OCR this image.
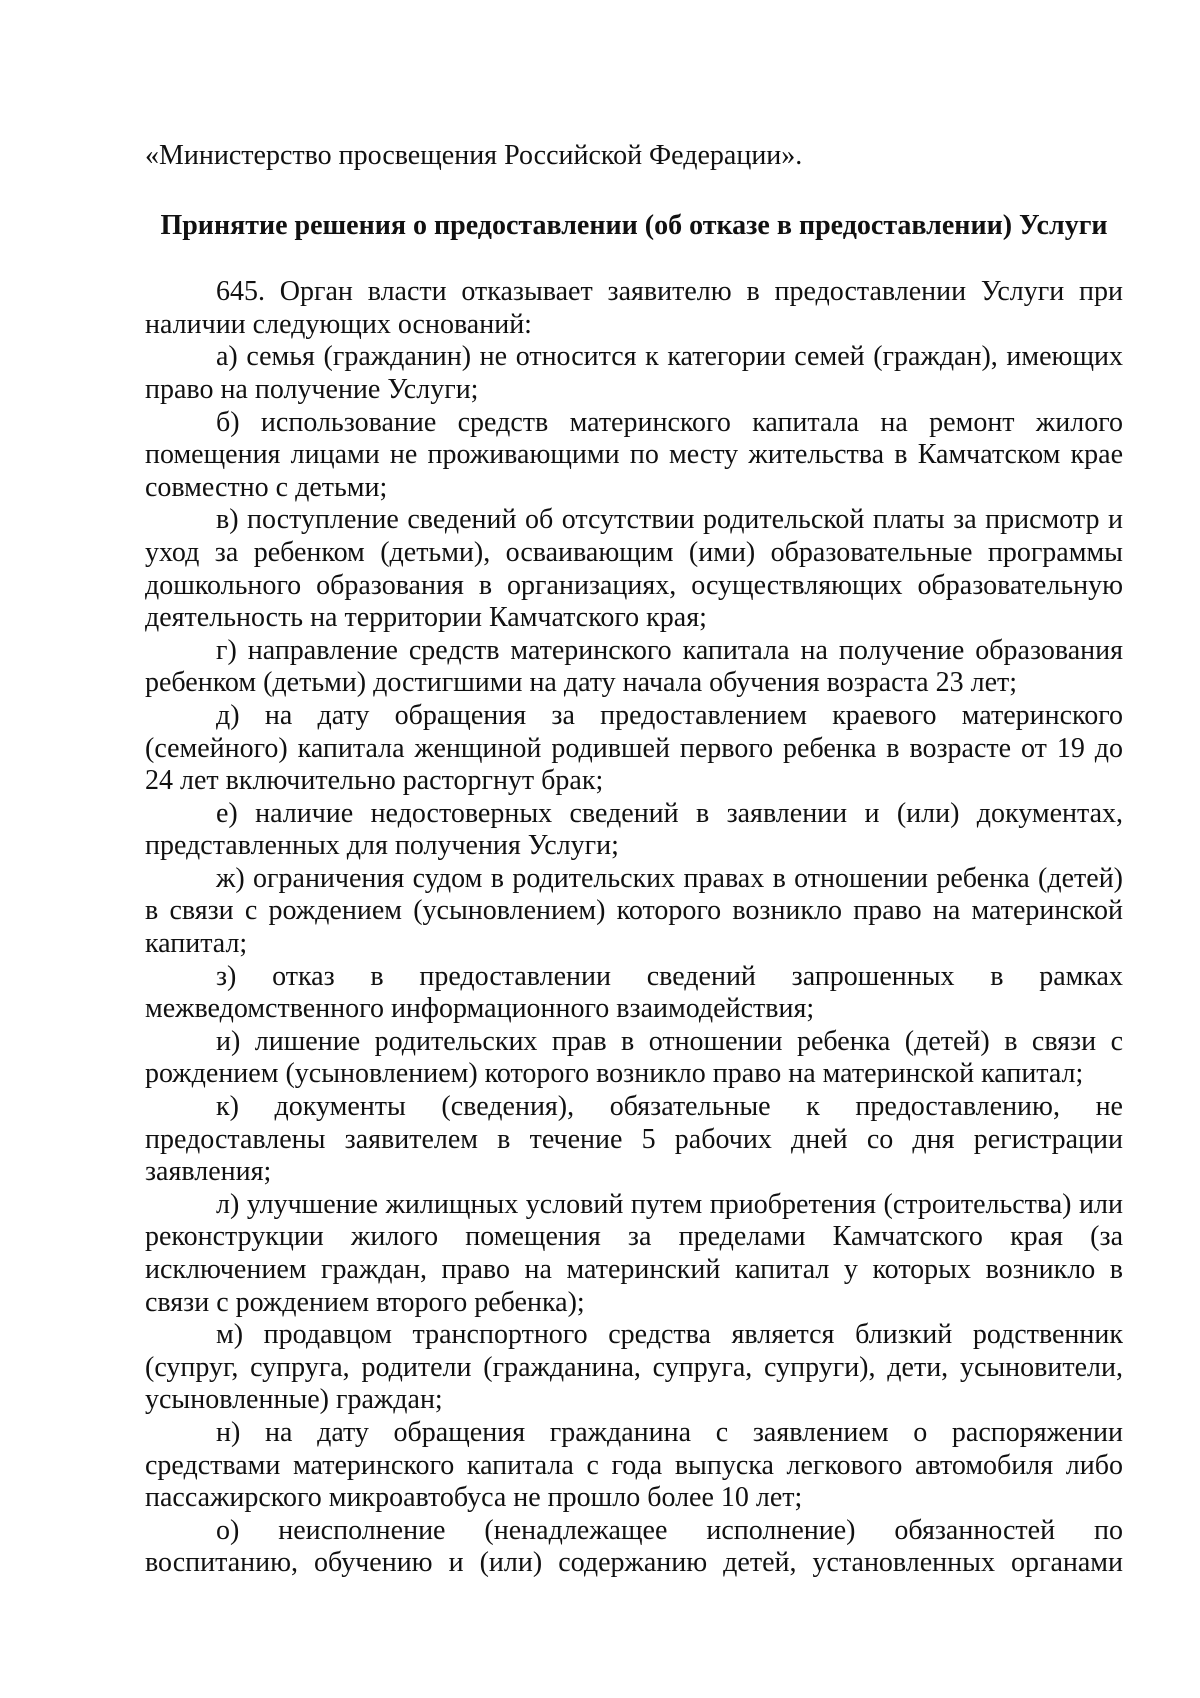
«Министерство просвещения Российской Федерации».

Принятие решения о предоставлении (об отказе в предоставлении) Услуги

645. Орган власти отказывает заявителю в предоставлении Услуги при наличии следующих оснований:

а) семья (гражданин) не относится к категории семей (граждан), имеющих право на получение Услуги;

б) использование средств материнского капитала на ремонт жилого помещения лицами не проживающими по месту жительства в Камчатском крае совместно с детьми;

в) поступление сведений об отсутствии родительской платы за присмотр и уход за ребенком (детьми), осваивающим (ими) образовательные программы дошкольного образования в организациях, осуществляющих образовательную деятельность на территории Камчатского края;

г) направление средств материнского капитала на получение образования ребенком (детьми) достигшими на дату начала обучения возраста 23 лет;

д) на дату обращения за предоставлением краевого материнского (семейного) капитала женщиной родившей первого ребенка в возрасте от 19 до 24 лет включительно расторгнут брак;

е) наличие недостоверных сведений в заявлении и (или) документах, представленных для получения Услуги;

ж) ограничения судом в родительских правах в отношении ребенка (детей) в связи с рождением (усыновлением) которого возникло право на материнской капитал;

з) отказ в предоставлении сведений запрошенных в рамках межведомственного информационного взаимодействия;

и) лишение родительских прав в отношении ребенка (детей) в связи с рождением (усыновлением) которого возникло право на материнской капитал;

к) документы (сведения), обязательные к предоставлению, не предоставлены заявителем в течение 5 рабочих дней со дня регистрации заявления;

л) улучшение жилищных условий путем приобретения (строительства) или реконструкции жилого помещения за пределами Камчатского края (за исключением граждан, право на материнский капитал у которых возникло в связи с рождением второго ребенка);

м) продавцом транспортного средства является близкий родственник (супруг, супруга, родители (гражданина, супруга, супруги), дети, усыновители, усыновленные) граждан;

н) на дату обращения гражданина с заявлением о распоряжении средствами материнского капитала с года выпуска легкового автомобиля либо пассажирского микроавтобуса не прошло более 10 лет;

о) неисполнение (ненадлежащее исполнение) обязанностей по воспитанию, обучению и (или) содержанию детей, установленных органами
